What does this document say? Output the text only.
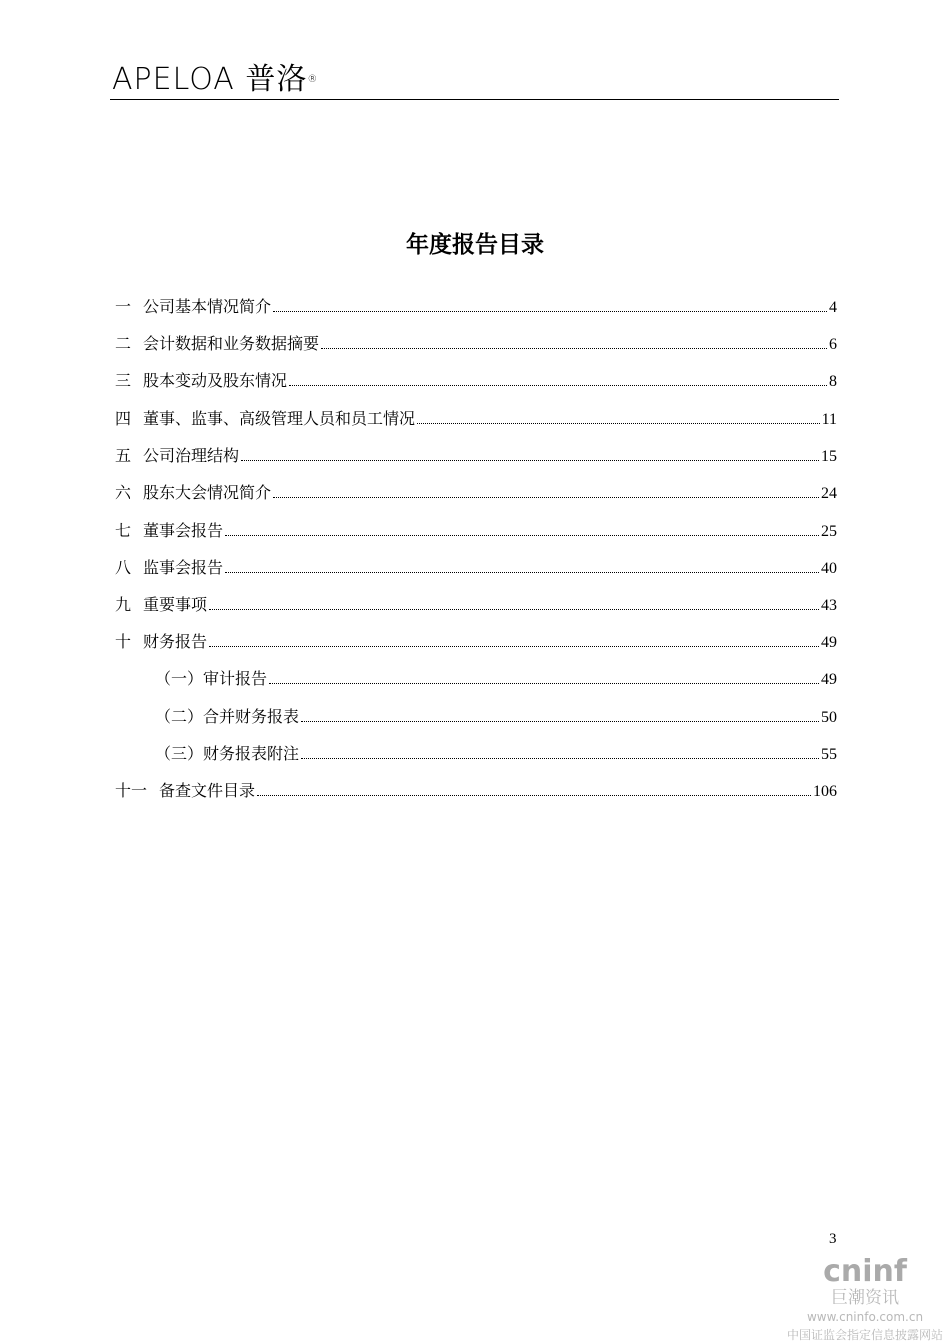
APELOA 普洛®
年度报告目录
一 公司基本情况简介	4
二 会计数据和业务数据摘要	6
三 股本变动及股东情况	8
四 董事、监事、高级管理人员和员工情况	11
五 公司治理结构	15
六 股东大会情况简介	24
七 董事会报告	25
八 监事会报告	40
九 重要事项	43
十 财务报告	49
（一）审计报告	49
（二）合并财务报表	50
（三）财务报表附注	55
十一 备查文件目录	106
3
cninf
巨潮资讯
www.cninfo.com.cn
中国证监会指定信息披露网站
